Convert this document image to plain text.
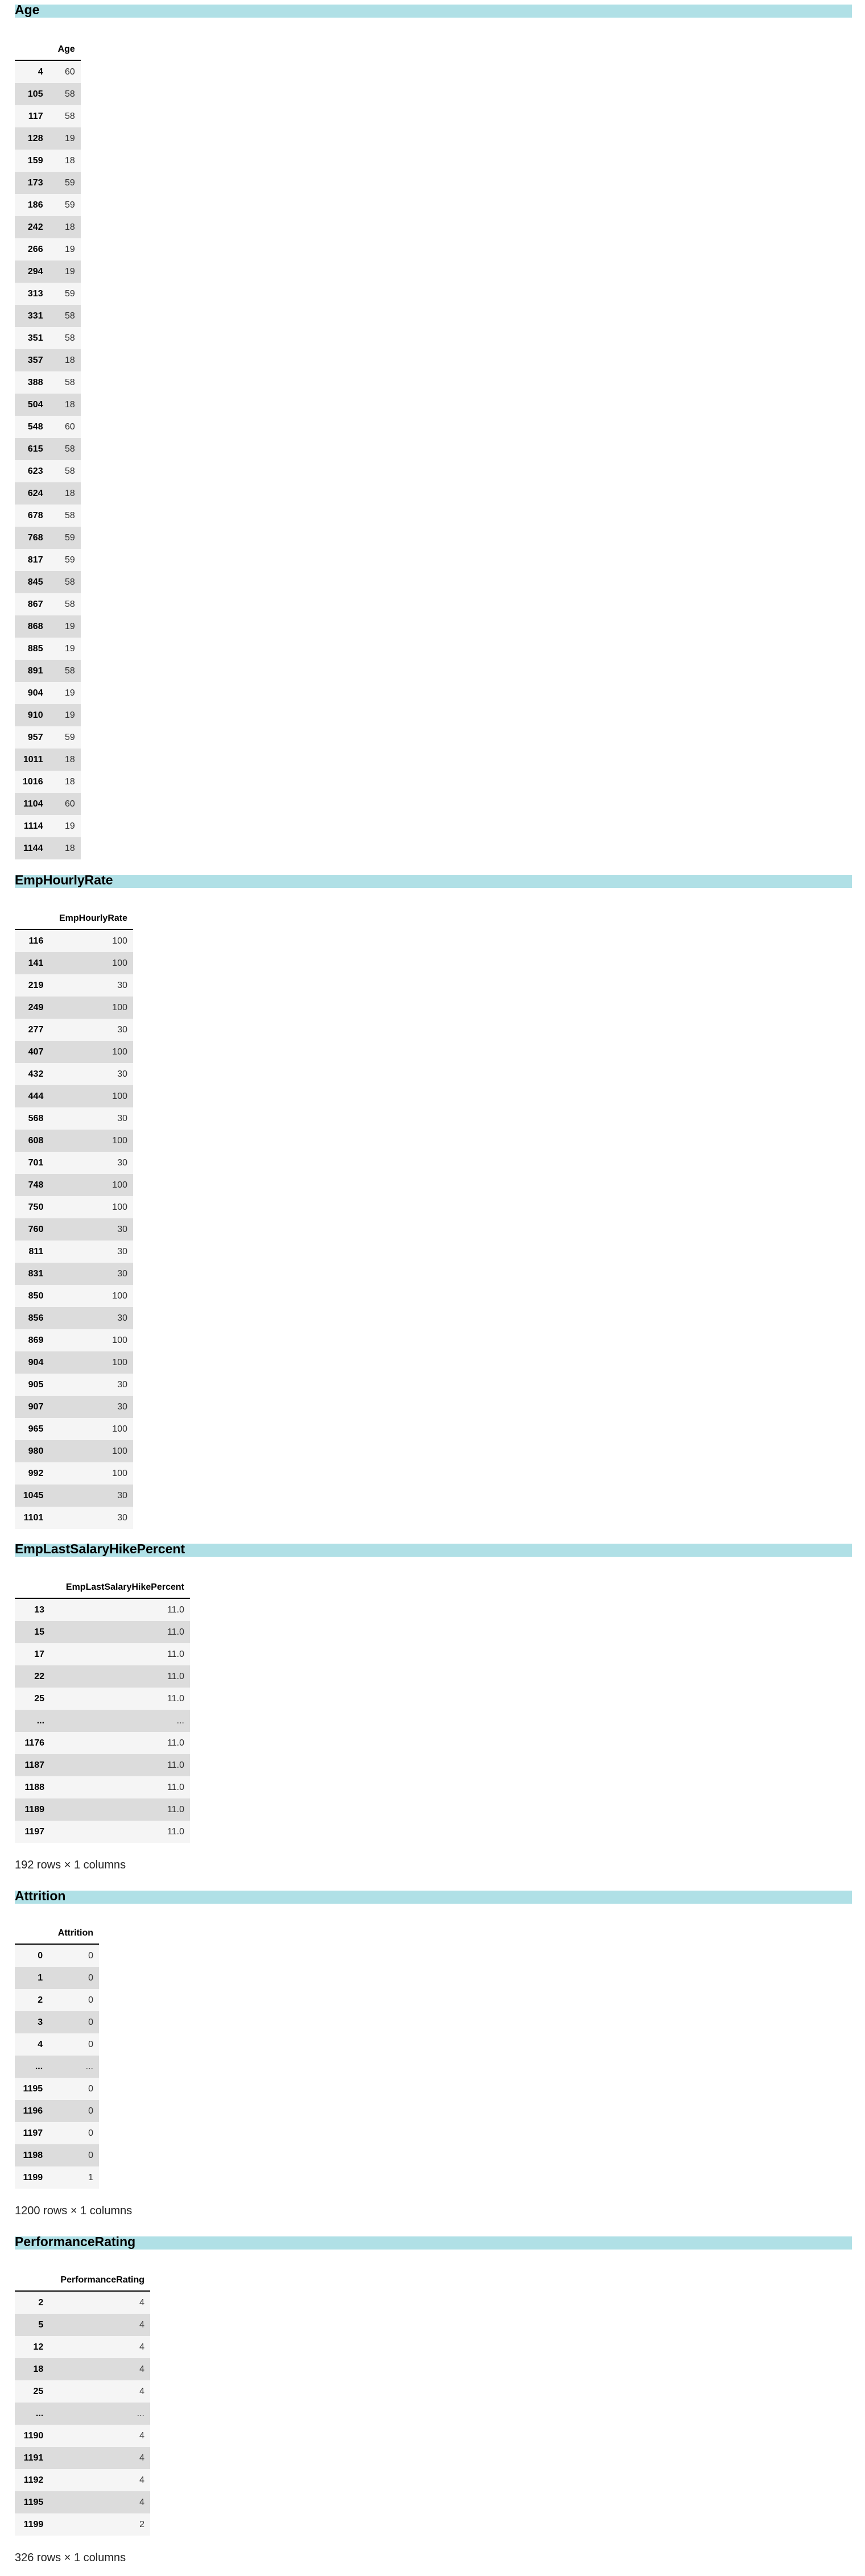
Age
	Age
4	60
105	58
117	58
128	19
159	18
173	59
186	59
242	18
266	19
294	19
313	59
331	58
351	58
357	18
388	58
504	18
548	60
615	58
623	58
624	18
678	58
768	59
817	59
845	58
867	58
868	19
885	19
891	58
904	19
910	19
957	59
1011	18
1016	18
1104	60
1114	19
1144	18
EmpHourlyRate
	EmpHourlyRate
116	100
141	100
219	30
249	100
277	30
407	100
432	30
444	100
568	30
608	100
701	30
748	100
750	100
760	30
811	30
831	30
850	100
856	30
869	100
904	100
905	30
907	30
965	100
980	100
992	100
1045	30
1101	30
EmpLastSalaryHikePercent
	EmpLastSalaryHikePercent
13	11.0
15	11.0
17	11.0
22	11.0
25	11.0
...	...
1176	11.0
1187	11.0
1188	11.0
1189	11.0
1197	11.0
192 rows × 1 columns
Attrition
	Attrition
0	0
1	0
2	0
3	0
4	0
...	...
1195	0
1196	0
1197	0
1198	0
1199	1
1200 rows × 1 columns
PerformanceRating
	PerformanceRating
2	4
5	4
12	4
18	4
25	4
...	...
1190	4
1191	4
1192	4
1195	4
1199	2
326 rows × 1 columns
